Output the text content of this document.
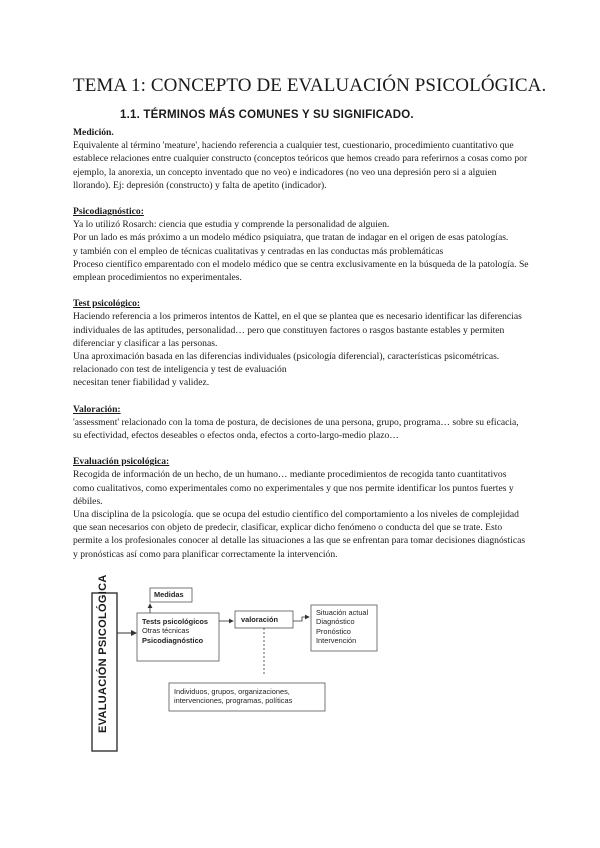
TEMA 1: CONCEPTO DE EVALUACIÓN PSICOLÓGICA.
1.1. TÉRMINOS MÁS COMUNES Y SU SIGNIFICADO.

Medición.

Equivalente al término 'meature', haciendo referencia a cualquier test, cuestionario, procedimiento cuantitativo que establece relaciones entre cualquier constructo (conceptos teóricos que hemos creado para referirnos a cosas como por ejemplo, la anorexia, un concepto inventado que no veo) e indicadores (no veo una depresión pero si a alguien llorando). Ej: depresión (constructo) y falta de apetito (indicador).

Psicodiagnóstico:

Ya lo utilizó Rosarch: ciencia que estudia y comprende la personalidad de alguien.

Por un lado es más próximo a un modelo médico psiquiatra, que tratan de indagar en el origen de esas patologías.

y también con el empleo de técnicas cualitativas y centradas en las conductas más problemáticas

Proceso científico emparentado con el modelo médico que se centra exclusivamente en la búsqueda de la patología. Se emplean procedimientos no experimentales.

Test psicológico:

Haciendo referencia a los primeros intentos de Kattel, en el que se plantea que es necesario identificar las diferencias individuales de las aptitudes, personalidad… pero que constituyen factores o rasgos bastante estables y permiten diferenciar y clasificar a las personas.

Una aproximación basada en las diferencias individuales (psicología diferencial), características psicométricas. relacionado con test de inteligencia y test de evaluación

necesitan tener fiabilidad y validez.

Valoración:

'assessment' relacionado con la toma de postura, de decisiones de una persona, grupo, programa… sobre su eficacia, su efectividad, efectos deseables o efectos onda, efectos a corto-largo-medio plazo…

Evaluación psicológica:

Recogida de información de un hecho, de un humano… mediante procedimientos de recogida tanto cuantitativos como cualitativos, como experimentales como no experimentales y que nos permite identificar los puntos fuertes y débiles.

Una disciplina de la psicología. que se ocupa del estudio científico del comportamiento a los niveles de complejidad que sean necesarios con objeto de predecir, clasificar, explicar dicho fenómeno o conducta del que se trate. Esto permite a los profesionales conocer al detalle las situaciones a las que se enfrentan para tomar decisiones diagnósticas y pronósticas así como para planificar correctamente la intervención.

EVALUACIÓN PSICOLÓGICA	Medidas
Tests psicológicos
Otras técnicas
Psicodiagnóstico
valoración
Situación actual
Diagnóstico
Pronóstico
Intervención
Individuos, grupos, organizaciones, intervenciones, programas, políticas
